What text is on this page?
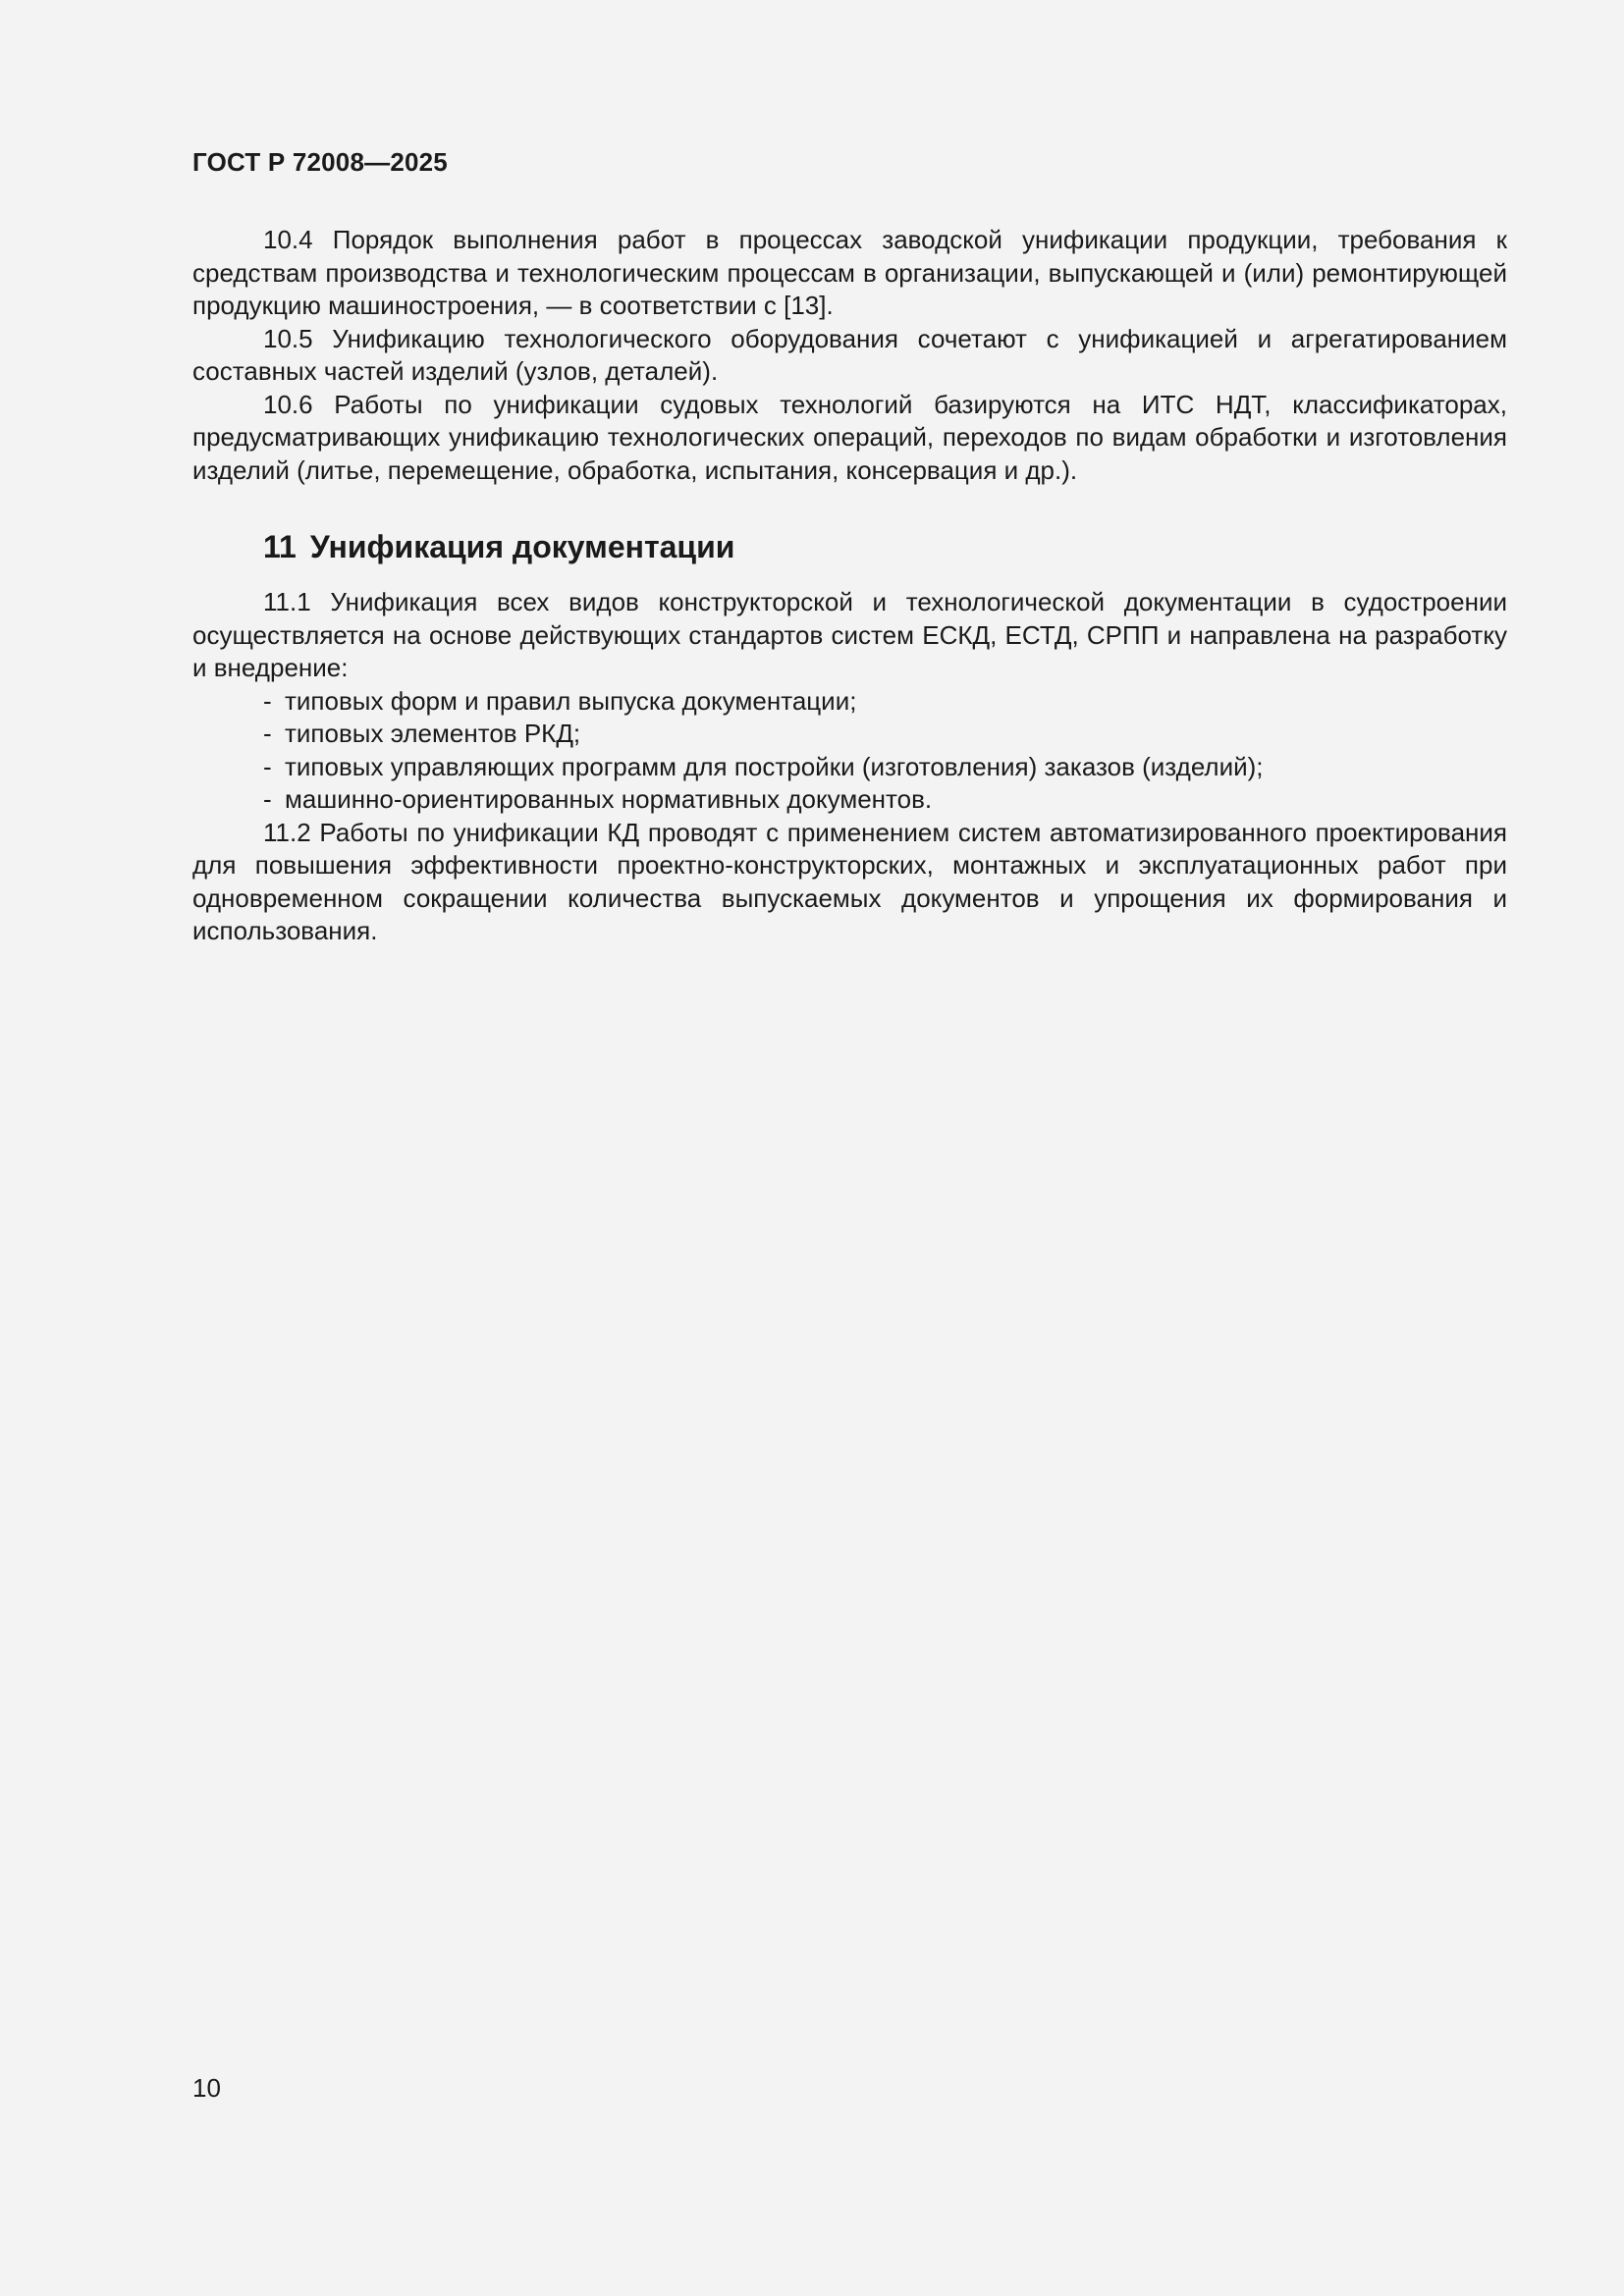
ГОСТ Р 72008—2025

10.4 Порядок выполнения работ в процессах заводской унификации продукции, требования к средствам производства и технологическим процессам в организации, выпускающей и (или) ремонтирующей продукцию машиностроения, — в соответствии с [13].

10.5 Унификацию технологического оборудования сочетают с унификацией и агрегатированием составных частей изделий (узлов, деталей).

10.6 Работы по унификации судовых технологий базируются на ИТС НДТ, классификаторах, предусматривающих унификацию технологических операций, переходов по видам обработки и изготовления изделий (литье, перемещение, обработка, испытания, консервация и др.).

11 Унификация документации

11.1 Унификация всех видов конструкторской и технологической документации в судостроении осуществляется на основе действующих стандартов систем ЕСКД, ЕСТД, СРПП и направлена на разработку и внедрение:

- типовых форм и правил выпуска документации;
- типовых элементов РКД;
- типовых управляющих программ для постройки (изготовления) заказов (изделий);
- машинно-ориентированных нормативных документов.

11.2 Работы по унификации КД проводят с применением систем автоматизированного проектирования для повышения эффективности проектно-конструкторских, монтажных и эксплуатационных работ при одновременном сокращении количества выпускаемых документов и упрощения их формирования и использования.

10
